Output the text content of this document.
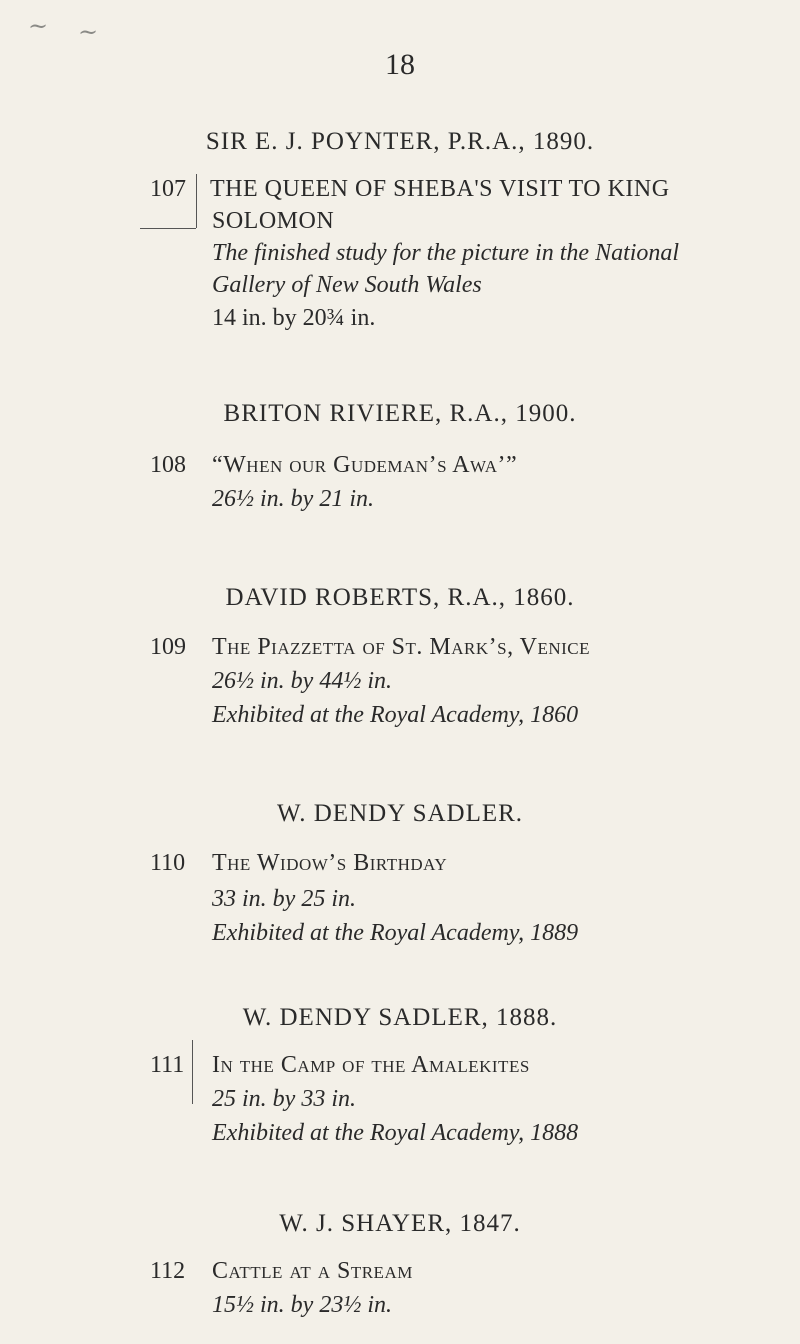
18
~ ~
SIR E. J. POYNTER, P.R.A., 1890.
107 THE QUEEN OF SHEBA'S VISIT TO KING
SOLOMON
The finished study for the picture in the National
Gallery of New South Wales
14 in. by 20¾ in.
BRITON RIVIERE, R.A., 1900.
108 “When our Gudeman’s Awa’”
26½ in. by 21 in.
DAVID ROBERTS, R.A., 1860.
109 The Piazzetta of St. Mark’s, Venice
26½ in. by 44½ in.
Exhibited at the Royal Academy, 1860
W. DENDY SADLER.
110 The Widow’s Birthday
33 in. by 25 in.
Exhibited at the Royal Academy, 1889
W. DENDY SADLER, 1888.
111 In the Camp of the Amalekites
25 in. by 33 in.
Exhibited at the Royal Academy, 1888
W. J. SHAYER, 1847.
112 Cattle at a Stream
15½ in. by 23½ in.
